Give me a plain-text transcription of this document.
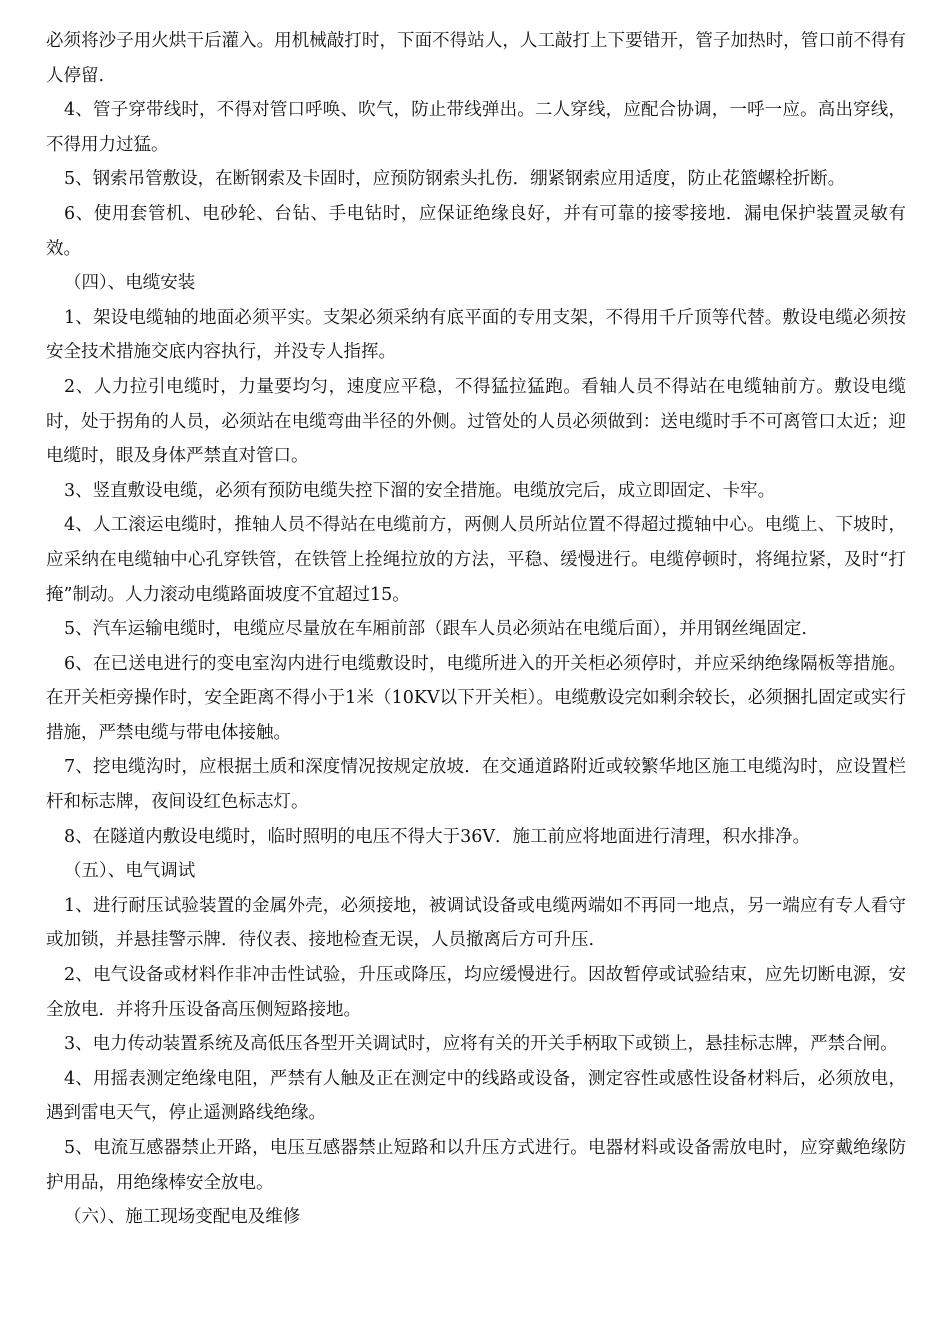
必须将沙子用火烘干后灌入。用机械敲打时，下面不得站人，人工敲打上下要错开，管子加热时，管口前不得有人停留.

4、管子穿带线时，不得对管口呼唤、吹气，防止带线弹出。二人穿线，应配合协调，一呼一应。高出穿线，不得用力过猛。

5、钢索吊管敷设，在断钢索及卡固时，应预防钢索头扎伤．绷紧钢索应用适度，防止花篮螺栓折断。

6、使用套管机、电砂轮、台钻、手电钻时，应保证绝缘良好，并有可靠的接零接地．漏电保护装置灵敏有效。

（四）、电缆安装

1、架设电缆轴的地面必须平实。支架必须采纳有底平面的专用支架，不得用千斤顶等代替。敷设电缆必须按安全技术措施交底内容执行，并没专人指挥。

2、人力拉引电缆时，力量要均匀，速度应平稳，不得猛拉猛跑。看轴人员不得站在电缆轴前方。敷设电缆时，处于拐角的人员，必须站在电缆弯曲半径的外侧。过管处的人员必须做到：送电缆时手不可离管口太近；迎电缆时，眼及身体严禁直对管口。

3、竖直敷设电缆，必须有预防电缆失控下溜的安全措施。电缆放完后，成立即固定、卡牢。

4、人工滚运电缆时，推轴人员不得站在电缆前方，两侧人员所站位置不得超过揽轴中心。电缆上、下坡时，应采纳在电缆轴中心孔穿铁管，在铁管上拴绳拉放的方法，平稳、缓慢进行。电缆停顿时，将绳拉紧，及时“打掩”制动。人力滚动电缆路面坡度不宜超过15。

5、汽车运输电缆时，电缆应尽量放在车厢前部（跟车人员必须站在电缆后面），并用钢丝绳固定.

6、在已送电进行的变电室沟内进行电缆敷设时，电缆所进入的开关柜必须停时，并应采纳绝缘隔板等措施。在开关柜旁操作时，安全距离不得小于1米（10KV以下开关柜）。电缆敷设完如剩余较长，必须捆扎固定或实行措施，严禁电缆与带电体接触。

7、挖电缆沟时，应根据土质和深度情况按规定放坡．在交通道路附近或较繁华地区施工电缆沟时，应设置栏杆和标志牌，夜间设红色标志灯。

8、在隧道内敷设电缆时，临时照明的电压不得大于36V．施工前应将地面进行清理，积水排净。

（五）、电气调试

1、进行耐压试验装置的金属外壳，必须接地，被调试设备或电缆两端如不再同一地点，另一端应有专人看守或加锁，并悬挂警示牌．待仪表、接地检查无误，人员撤离后方可升压.

2、电气设备或材料作非冲击性试验，升压或降压，均应缓慢进行。因故暂停或试验结束，应先切断电源，安全放电．并将升压设备高压侧短路接地。

3、电力传动装置系统及高低压各型开关调试时，应将有关的开关手柄取下或锁上，悬挂标志牌，严禁合闸。

4、用摇表测定绝缘电阻，严禁有人触及正在测定中的线路或设备，测定容性或感性设备材料后，必须放电，遇到雷电天气，停止遥测路线绝缘。

5、电流互感器禁止开路，电压互感器禁止短路和以升压方式进行。电器材料或设备需放电时，应穿戴绝缘防护用品，用绝缘棒安全放电。

（六）、施工现场变配电及维修
